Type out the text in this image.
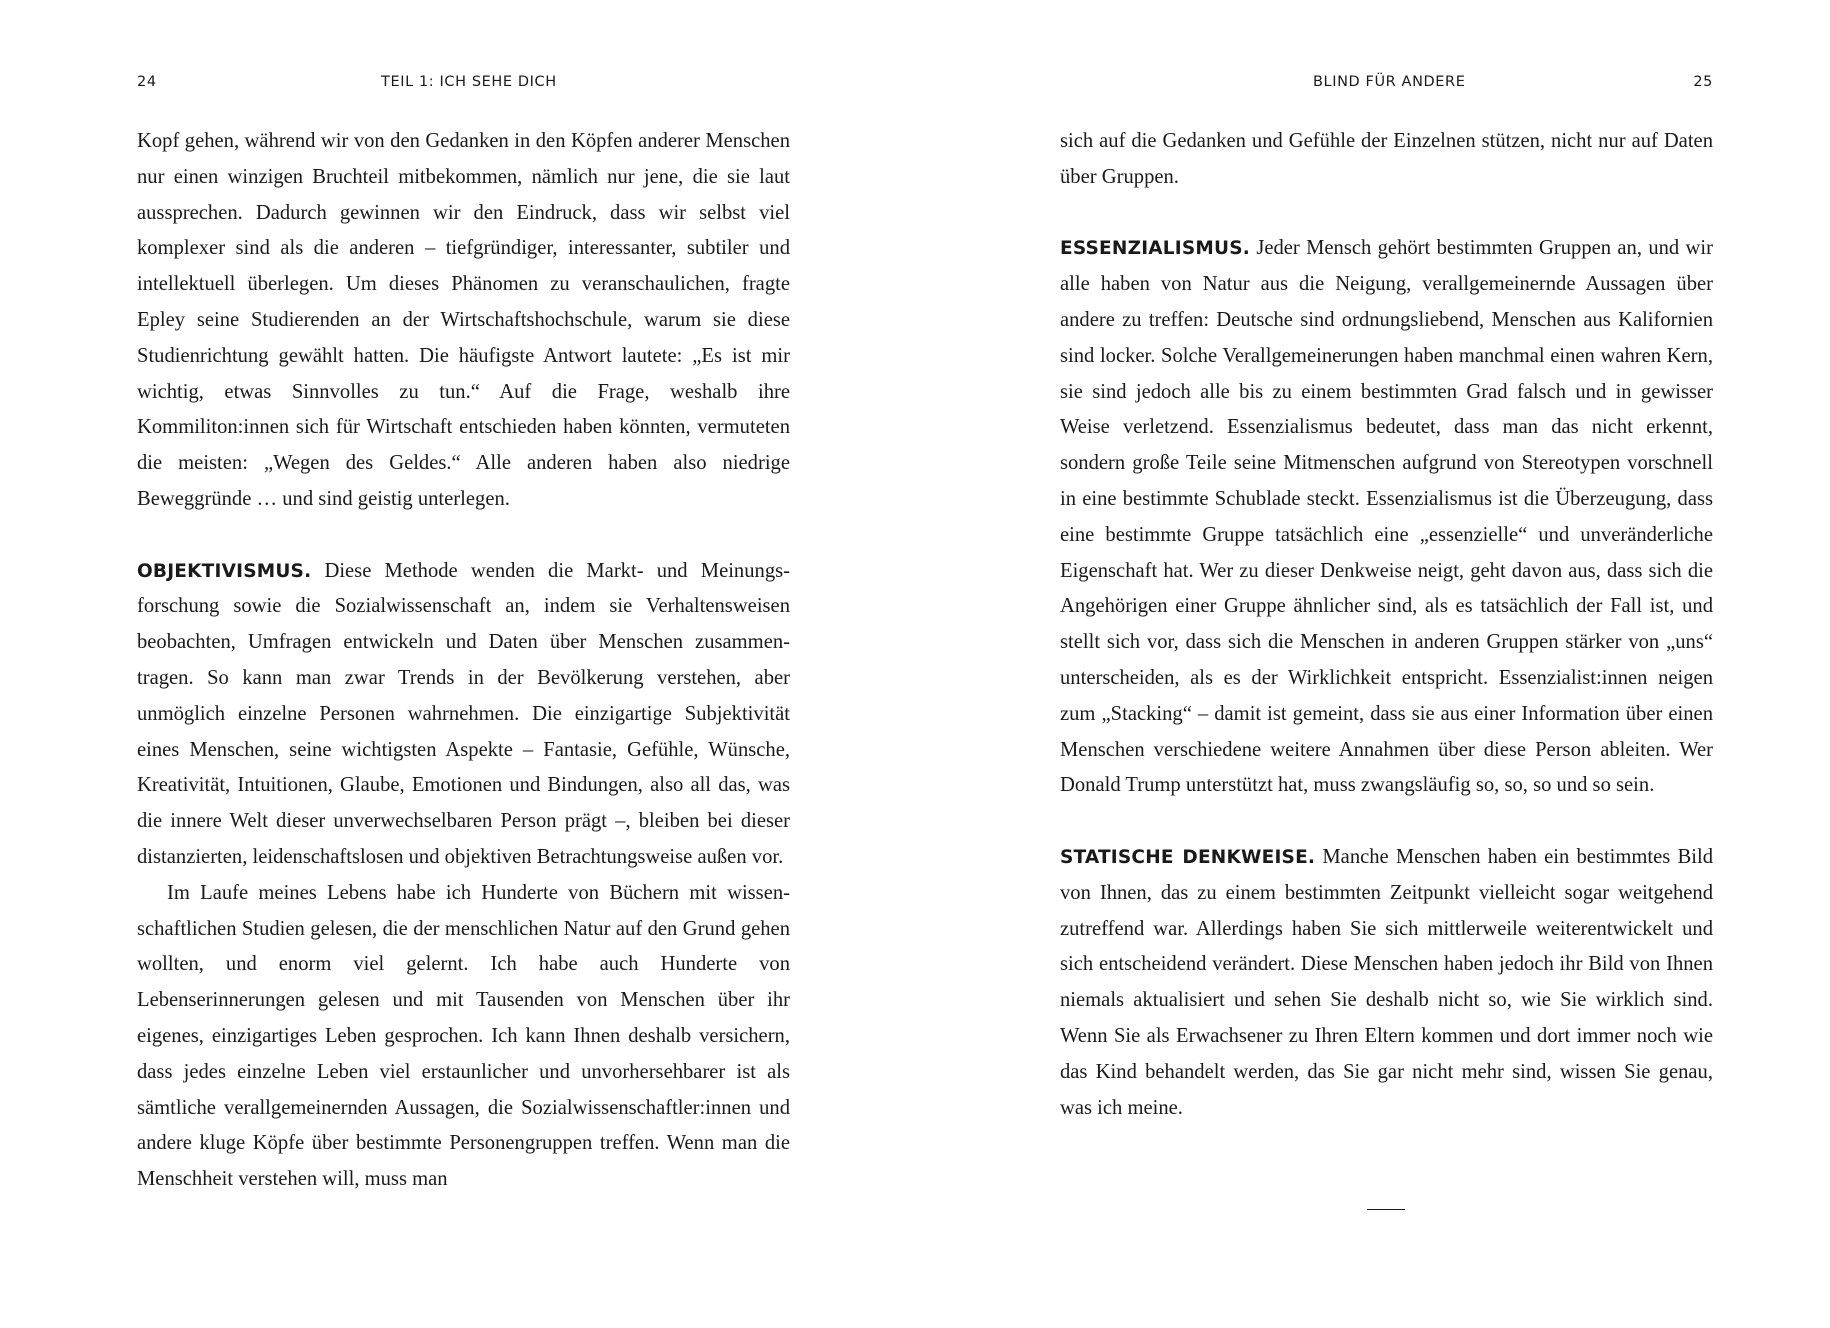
24	TEIL 1: ICH SEHE DICH

Kopf gehen, während wir von den Gedanken in den Köpfen anderer Menschen nur einen winzigen Bruchteil mitbekommen, nämlich nur jene, die sie laut aussprechen. Dadurch gewinnen wir den Eindruck, dass wir selbst viel komplexer sind als die anderen – tiefgründiger, interessanter, subtiler und intellektuell überlegen. Um dieses Phänomen zu veranschaulichen, fragte Epley seine Studierenden an der Wirtschaftshochschule, warum sie diese Studienrichtung gewählt hatten. Die häufigste Antwort lautete: „Es ist mir wichtig, etwas Sinnvolles zu tun.“ Auf die Frage, weshalb ihre Kommiliton:innen sich für Wirtschaft entschieden haben könnten, vermuteten die meisten: „Wegen des Geldes.“ Alle anderen haben also niedrige Beweggründe … und sind geistig unterlegen.

OBJEKTIVISMUS. Diese Methode wenden die Markt- und Meinungsforschung sowie die Sozialwissenschaft an, indem sie Verhaltensweisen beobachten, Umfragen entwickeln und Daten über Menschen zusammentragen. So kann man zwar Trends in der Bevölkerung verstehen, aber unmöglich einzelne Personen wahrnehmen. Die einzigartige Subjektivität eines Menschen, seine wichtigsten Aspekte – Fantasie, Gefühle, Wünsche, Kreativität, Intuitionen, Glaube, Emotionen und Bindungen, also all das, was die innere Welt dieser unverwechselbaren Person prägt –, bleiben bei dieser distanzierten, leidenschaftslosen und objektiven Betrachtungsweise außen vor.

Im Laufe meines Lebens habe ich Hunderte von Büchern mit wissenschaftlichen Studien gelesen, die der menschlichen Natur auf den Grund gehen wollten, und enorm viel gelernt. Ich habe auch Hunderte von Lebenserinnerungen gelesen und mit Tausenden von Menschen über ihr eigenes, einzigartiges Leben gesprochen. Ich kann Ihnen deshalb versichern, dass jedes einzelne Leben viel erstaunlicher und unvorhersehbarer ist als sämtliche verallgemeinernden Aussagen, die Sozialwissenschaftler:innen und andere kluge Köpfe über bestimmte Personengruppen treffen. Wenn man die Menschheit verstehen will, muss man

BLIND FÜR ANDERE	25

sich auf die Gedanken und Gefühle der Einzelnen stützen, nicht nur auf Daten über Gruppen.

ESSENZIALISMUS. Jeder Mensch gehört bestimmten Gruppen an, und wir alle haben von Natur aus die Neigung, verallgemeinernde Aussagen über andere zu treffen: Deutsche sind ordnungsliebend, Menschen aus Kalifornien sind locker. Solche Verallgemeinerungen haben manchmal einen wahren Kern, sie sind jedoch alle bis zu einem bestimmten Grad falsch und in gewisser Weise verletzend. Essenzialismus bedeutet, dass man das nicht erkennt, sondern große Teile seine Mitmenschen aufgrund von Stereotypen vorschnell in eine bestimmte Schublade steckt. Essenzialismus ist die Überzeugung, dass eine bestimmte Gruppe tatsächlich eine „essenzielle“ und unveränderliche Eigenschaft hat. Wer zu dieser Denkweise neigt, geht davon aus, dass sich die Angehörigen einer Gruppe ähnlicher sind, als es tatsächlich der Fall ist, und stellt sich vor, dass sich die Menschen in anderen Gruppen stärker von „uns“ unterscheiden, als es der Wirklichkeit entspricht. Essenzialist:innen neigen zum „Stacking“ – damit ist gemeint, dass sie aus einer Information über einen Menschen verschiedene weitere Annahmen über diese Person ableiten. Wer Donald Trump unterstützt hat, muss zwangsläufig so, so, so und so sein.

STATISCHE DENKWEISE. Manche Menschen haben ein bestimmtes Bild von Ihnen, das zu einem bestimmten Zeitpunkt vielleicht sogar weitgehend zutreffend war. Allerdings haben Sie sich mittlerweile weiterentwickelt und sich entscheidend verändert. Diese Menschen haben jedoch ihr Bild von Ihnen niemals aktualisiert und sehen Sie deshalb nicht so, wie Sie wirklich sind. Wenn Sie als Erwachsener zu Ihren Eltern kommen und dort immer noch wie das Kind behandelt werden, das Sie gar nicht mehr sind, wissen Sie genau, was ich meine.
